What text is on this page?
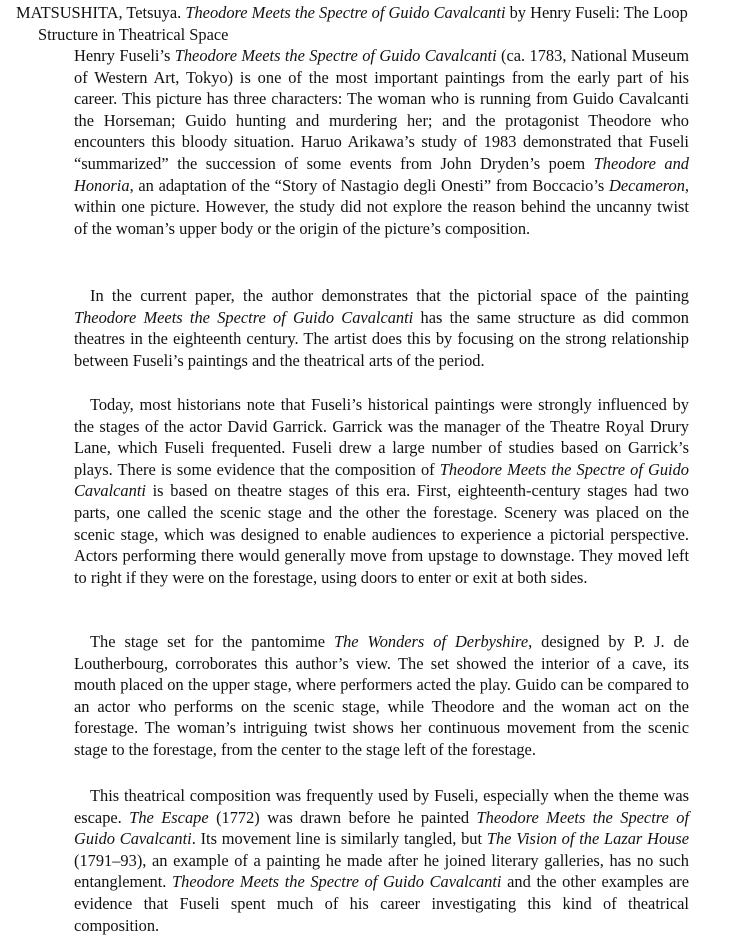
MATSUSHITA, Tetsuya. Theodore Meets the Spectre of Guido Cavalcanti by Henry Fuseli: The Loop Structure in Theatrical Space

Henry Fuseli’s Theodore Meets the Spectre of Guido Cavalcanti (ca. 1783, National Museum of Western Art, Tokyo) is one of the most important paintings from the early part of his career. This picture has three characters: The woman who is running from Guido Cavalcanti the Horseman; Guido hunting and murdering her; and the protagonist Theodore who encounters this bloody situation. Haruo Arikawa’s study of 1983 demonstrated that Fuseli “summarized” the succession of some events from John Dryden’s poem Theodore and Honoria, an adaptation of the “Story of Nastagio degli Onesti” from Boccacio’s Decameron, within one picture. However, the study did not explore the reason behind the uncanny twist of the woman’s upper body or the origin of the picture’s composition.

In the current paper, the author demonstrates that the pictorial space of the painting Theodore Meets the Spectre of Guido Cavalcanti has the same structure as did common theatres in the eighteenth century. The artist does this by focusing on the strong relationship between Fuseli’s paintings and the theatrical arts of the period.

Today, most historians note that Fuseli’s historical paintings were strongly influenced by the stages of the actor David Garrick. Garrick was the manager of the Theatre Royal Drury Lane, which Fuseli frequented. Fuseli drew a large number of studies based on Garrick’s plays. There is some evidence that the composition of Theodore Meets the Spectre of Guido Cavalcanti is based on theatre stages of this era. First, eighteenth-century stages had two parts, one called the scenic stage and the other the forestage. Scenery was placed on the scenic stage, which was designed to enable audiences to experience a pictorial perspective. Actors performing there would generally move from upstage to downstage. They moved left to right if they were on the forestage, using doors to enter or exit at both sides.

The stage set for the pantomime The Wonders of Derbyshire, designed by P. J. de Loutherbourg, corroborates this author’s view. The set showed the interior of a cave, its mouth placed on the upper stage, where performers acted the play. Guido can be compared to an actor who performs on the scenic stage, while Theodore and the woman act on the forestage. The woman’s intriguing twist shows her continuous movement from the scenic stage to the forestage, from the center to the stage left of the forestage.

This theatrical composition was frequently used by Fuseli, especially when the theme was escape. The Escape (1772) was drawn before he painted Theodore Meets the Spectre of Guido Cavalcanti. Its movement line is similarly tangled, but The Vision of the Lazar House (1791–93), an example of a painting he made after he joined literary galleries, has no such entanglement. Theodore Meets the Spectre of Guido Cavalcanti and the other examples are evidence that Fuseli spent much of his career investigating this kind of theatrical composition.
